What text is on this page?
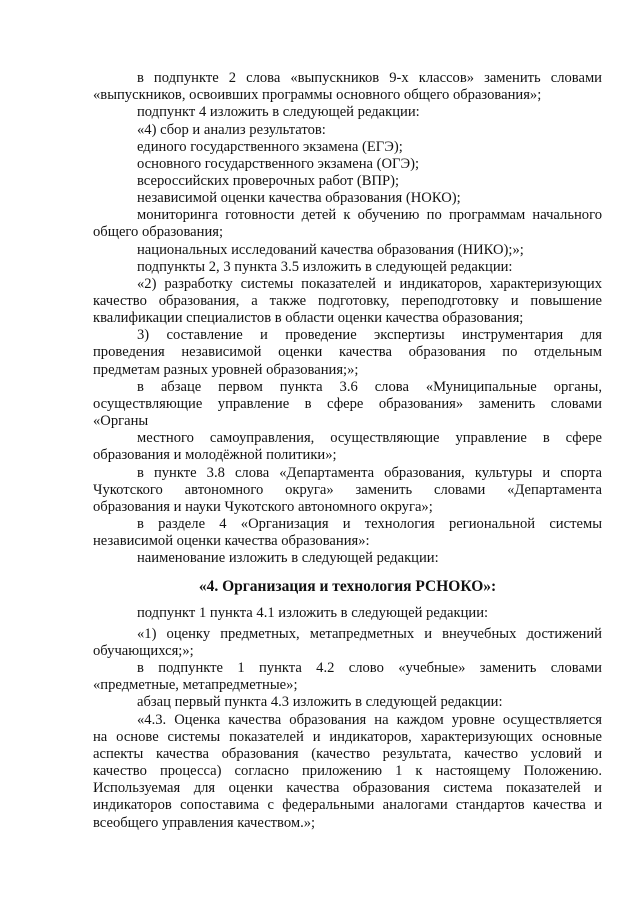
в подпункте 2 слова «выпускников 9-х классов» заменить словами
«выпускников, освоивших программы основного общего образования»;
подпункт 4 изложить в следующей редакции:
«4) сбор и анализ результатов:
единого государственного экзамена (ЕГЭ);
основного государственного экзамена (ОГЭ);
всероссийских проверочных работ (ВПР);
независимой оценки качества образования (НОКО);
мониторинга готовности детей к обучению по программам начального
общего образования;
национальных исследований качества образования (НИКО);»;
подпункты 2, 3 пункта 3.5 изложить в следующей редакции:
«2) разработку системы показателей и индикаторов, характеризующих
качество образования, а также подготовку, переподготовку и повышение
квалификации специалистов в области оценки качества образования;
3) составление и проведение экспертизы инструментария для
проведения независимой оценки качества образования по отдельным
предметам разных уровней образования;»;
в абзаце первом пункта 3.6 слова «Муниципальные органы,
осуществляющие управление в сфере образования» заменить словами
«Органы
местного самоуправления, осуществляющие управление в сфере
образования и молодёжной политики»;
в пункте 3.8 слова «Департамента образования, культуры и спорта
Чукотского автономного округа» заменить словами «Департамента
образования и науки Чукотского автономного округа»;
в разделе 4 «Организация и технология региональной системы
независимой оценки качества образования»:
наименование изложить в следующей редакции:
«4. Организация и технология РСНОКО»:
подпункт 1 пункта 4.1 изложить в следующей редакции:
«1) оценку предметных, метапредметных и внеучебных достижений
обучающихся;»;
в подпункте 1 пункта 4.2 слово «учебные» заменить словами
«предметные, метапредметные»;
абзац первый пункта 4.3 изложить в следующей редакции:
«4.3. Оценка качества образования на каждом уровне осуществляется
на основе системы показателей и индикаторов, характеризующих основные
аспекты качества образования (качество результата, качество условий и
качество процесса) согласно приложению 1 к настоящему Положению.
Используемая для оценки качества образования система показателей и
индикаторов сопоставима с федеральными аналогами стандартов качества и
всеобщего управления качеством.»;
